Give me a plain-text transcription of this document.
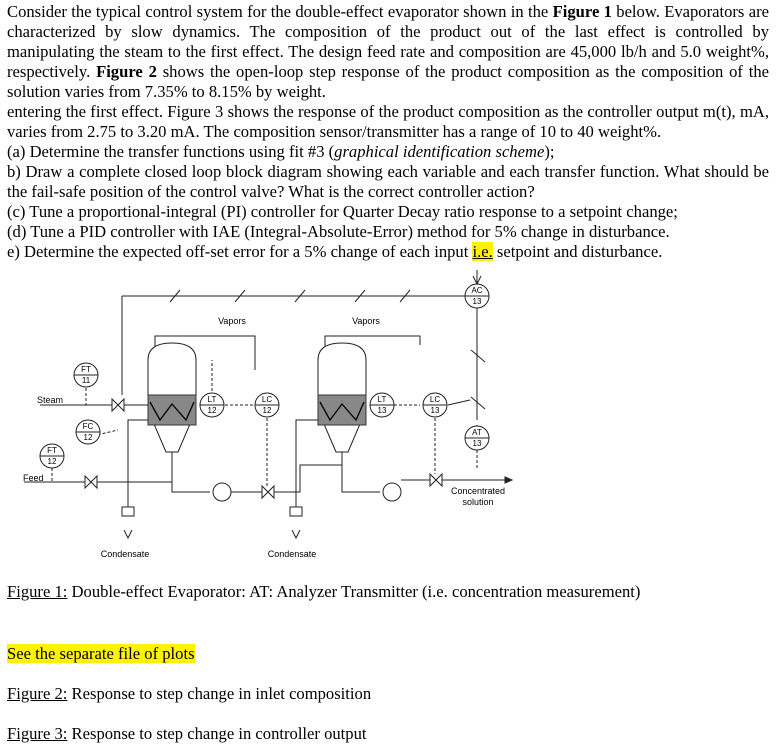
Consider the typical control system for the double-effect evaporator shown in the Figure 1 below. Evaporators are characterized by slow dynamics. The composition of the product out of the last effect is controlled by manipulating the steam to the first effect. The design feed rate and composition are 45,000 lb/h and 5.0 weight%, respectively. Figure 2 shows the open-loop step response of the product composition as the composition of the solution varies from 7.35% to 8.15% by weight.
entering the first effect. Figure 3 shows the response of the product composition as the controller output m(t), mA, varies from 2.75 to 3.20 mA. The composition sensor/transmitter has a range of 10 to 40 weight%.
(a) Determine the transfer functions using fit #3 (graphical identification scheme);
b) Draw a complete closed loop block diagram showing each variable and each transfer function. What should be the fail-safe position of the control valve? What is the correct controller action?
(c) Tune a proportional-integral (PI) controller for Quarter Decay ratio response to a setpoint change;
(d) Tune a PID controller with IAE (Integral-Absolute-Error) method for 5% change in disturbance.
e) Determine the expected off-set error for a 5% change of each input i.e. setpoint and disturbance.
Vapors	Vapors
Steam
Feed
Condensate	Condensate
Concentrated
solution
FT
11
FC
12
FT
12
LT
12
LC
12
LT
13
LC
13
AC
13
AT
13
Figure 1: Double-effect Evaporator: AT: Analyzer Transmitter (i.e. concentration measurement)
See the separate file of plots
Figure 2: Response to step change in inlet composition
Figure 3: Response to step change in controller output
